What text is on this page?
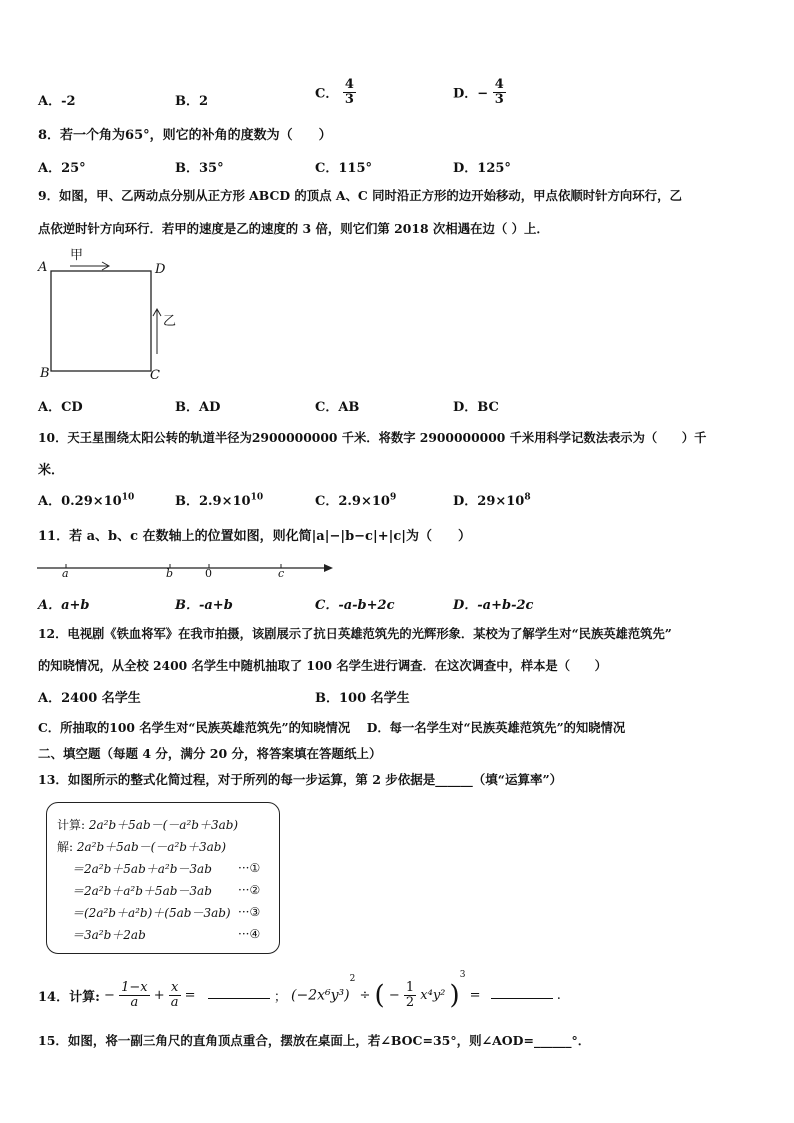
A．-2	B．2	C． $\frac{4}{3}$	D．− $\frac{4}{3}$
8．若一个角为65°，则它的补角的度数为（　　）
A．25°	B．35°	C．115°	D．125°
9．如图，甲、乙两动点分别从正方形 ABCD 的顶点 A、C 同时沿正方形的边开始移动，甲点依顺时针方向环行，乙
点依逆时针方向环行．若甲的速度是乙的速度的 3 倍，则它们第 2018 次相遇在边（ ）上．
A	D
B	C
甲
乙
A．CD	B．AD	C．AB	D．BC
10．天王星围绕太阳公转的轨道半径为2900000000 千米．将数字 2900000000 千米用科学记数法表示为（　　）千
米．
A．$0.29\times 10^{10}$	B．$2.9\times 10^{10}$	C．$2.9\times 10^9$	D．$29\times 10^8$
11．若 a、b、c 在数轴上的位置如图，则化简|a|−|b−c|+|c|为（　　）
a	b	0	c
A．a+b	B．-a+b	C．-a-b+2c	D．-a+b-2c
12．电视剧《铁血将军》在我市拍摄，该剧展示了抗日英雄范筑先的光辉形象．某校为了解学生对“民族英雄范筑先”
的知晓情况，从全校 2400 名学生中随机抽取了 100 名学生进行调查．在这次调查中，样本是（　　）
A．2400 名学生	B．100 名学生
C．所抽取的100 名学生对“民族英雄范筑先”的知晓情况　 D．每一名学生对“民族英雄范筑先”的知晓情况
二、填空题（每题 4 分，满分 20 分，将答案填在答题纸上）
13．如图所示的整式化简过程，对于所列的每一步运算，第 2 步依据是______（填“运算率”）
计算: 2a²b＋5ab－(－a²b＋3ab)
解: 2a²b＋5ab－(－a²b＋3ab)
＝2a²b＋5ab＋a²b－3ab
＝2a²b＋a²b＋5ab－3ab
＝(2a²b＋a²b)＋(5ab－3ab)
＝3a²b＋2ab
···①
···②
···③
···④
14．计算: − $\frac{1-x}{a} + \frac{x}{a}$ =	； $(-2x^6y^3)^2$ ÷ ( − $\frac{1}{2} x^4y^2$ )$^3$ =	.
15．如图，将一副三角尺的直角顶点重合，摆放在桌面上，若∠BOC=35°，则∠AOD=______°．
